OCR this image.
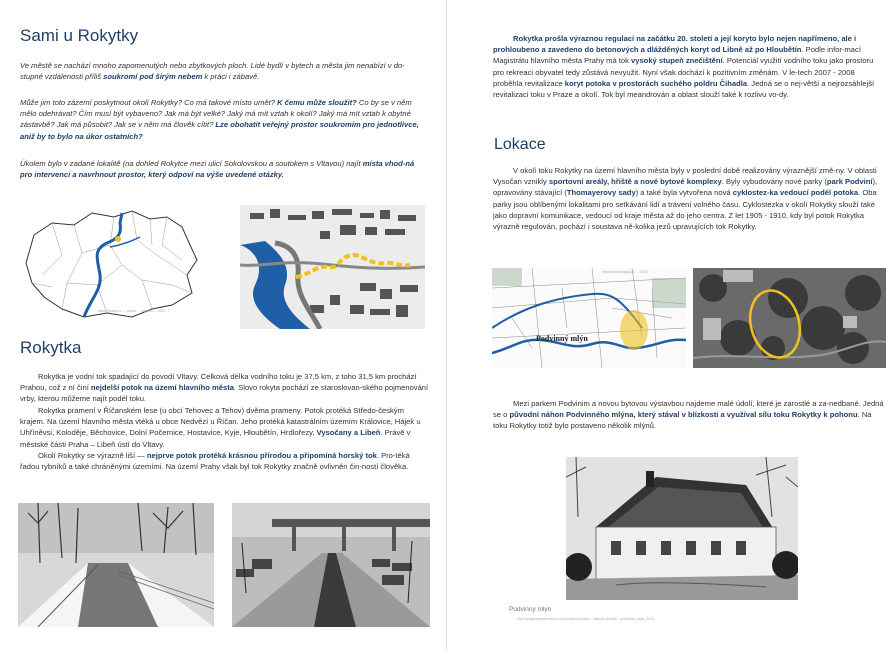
Sami u Rokytky

Ve městě se nachází mnoho zapomenutých nebo zbytkových ploch. Lidé bydlí v bytech a města jim nenabízí v do-stupné vzdálenosti příliš soukromí pod širým nebem k práci i zábavě.

Může jim toto zázemí poskytnout okolí Rokytky? Co má takové místo umět? K čemu může sloužit? Co by se v něm mělo odehrávat? Čím musí být vybaveno? Jak má být velké? Jaký má mít vztah k okolí? Jaký má mít vztah k obytné zástavbě? Jak má působit? Jak se v něm má člověk cítit? Lze obohatit veřejný prostor soukromím pro jednotlivce, aniž by to bylo na úkor ostatních?

Úkolem bylo v zadané lokalitě (na dohled Rokytce mezi ulicí Sokolovskou a soutokem s Vltavou) najít místa vhod-ná pro intervenci a navrhnout prostor, který odpoví na výše uvedené otázky.

https://mapy.cz ... praha ... rokytka ... 2013
Rokytka

Rokytka je vodní tok spadající do povodí Vltavy. Celková délka vodního toku je 37,5 km, z toho 31,5 km prochází Prahou, což z ní činí nejdelší potok na území hlavního města. Slovo rokyta pochází ze staroslovan-ského pojmenování vrby, kterou můžeme najít podél toku.

Rokytka pramení v Říčanském lese (u obcí Tehovec a Tehov) dvěma prameny. Potok protéká Středo-českým krajem. Na území hlavního města vtéká u obce Nedvězí u Říčan. Jeho protéká katastrálním územím Královice, Hájek u Uhříněvsi, Koloděje, Běchovice, Dolní Počernice, Hostavice, Kyje, Hloubětín, Hrdlořezy, Vysočany a Libeň. Právě v městské části Praha – Libeň ústí do Vltavy.

Okolí Rokytky se výrazně liší — nejprve potok protéká krásnou přírodou a připomíná horský tok. Pro-téká řadou rybníků a také chráněnými územími. Na území Prahy však byl tok Rokytky značně ovlivněn čin-ností člověka.

Rokytka prošla výraznou regulací na začátku 20. století a její koryto bylo nejen napřímeno, ale i prohloubeno a zavedeno do betonových a dlážděných koryt od Libně až po Hloubětín. Podle infor-mací Magistrátu hlavního města Prahy má tok vysoký stupeň znečištění. Potenciál využití vodního toku jako prostoru pro rekreaci obyvatel tedy zůstává nevyužit. Nyní však dochází k pozitivním změnám. V le-tech 2007 - 2008 proběhla revitalizace koryt potoka v prostorách suchého poldru Čihadla. Jedná se o nej-větší a nejrozsáhlejší revitalizaci toku v Praze a okolí. Tok byl meandrován a oblast slouží také k rozlivu vo-dy.

Lokace

V okolí toku Rokytky na území hlavního města byly v poslední době realizovány výraznější změ-ny. V oblasti Vysočan vznikly sportovní areály, hřiště a nové bytové komplexy. Byly vybudovány nové parky (park Podviní), opravovány stávající (Thomayerovy sady) a také byla vytvořena nová cyklostez-ka vedoucí podél potoka. Oba parky jsou oblíbenými lokalitami pro setkávání lidí a trávení volného času. Cyklostezka v okolí Rokytky slouží také jako dopravní komunikace, vedoucí od kraje města až do jeho centra. Z let 1905 - 1910, kdy byl potok Rokytka výrazně regulován, pochází i soustava ně-kolika jezů upravujících tok Rokytky.

Podvinný mlýn
https://www.mapy.cz ... 2013

Mezi parkem Podvinim a novou bytovou výstavbou najdeme malé údolí, které je zarostlé a za-nedbané. Jedná se o původní náhon Podvinného mlýna, který stával v blízkosti a využíval sílu toku Rokytky k pohonu. Na toku Rokytky totiž bylo postaveno několik mlýnů.

Podvinný mlýn
http://praguepreservation.com/podvinny-mlyn/...historic-photos/...podvinny_mlyn_2013
